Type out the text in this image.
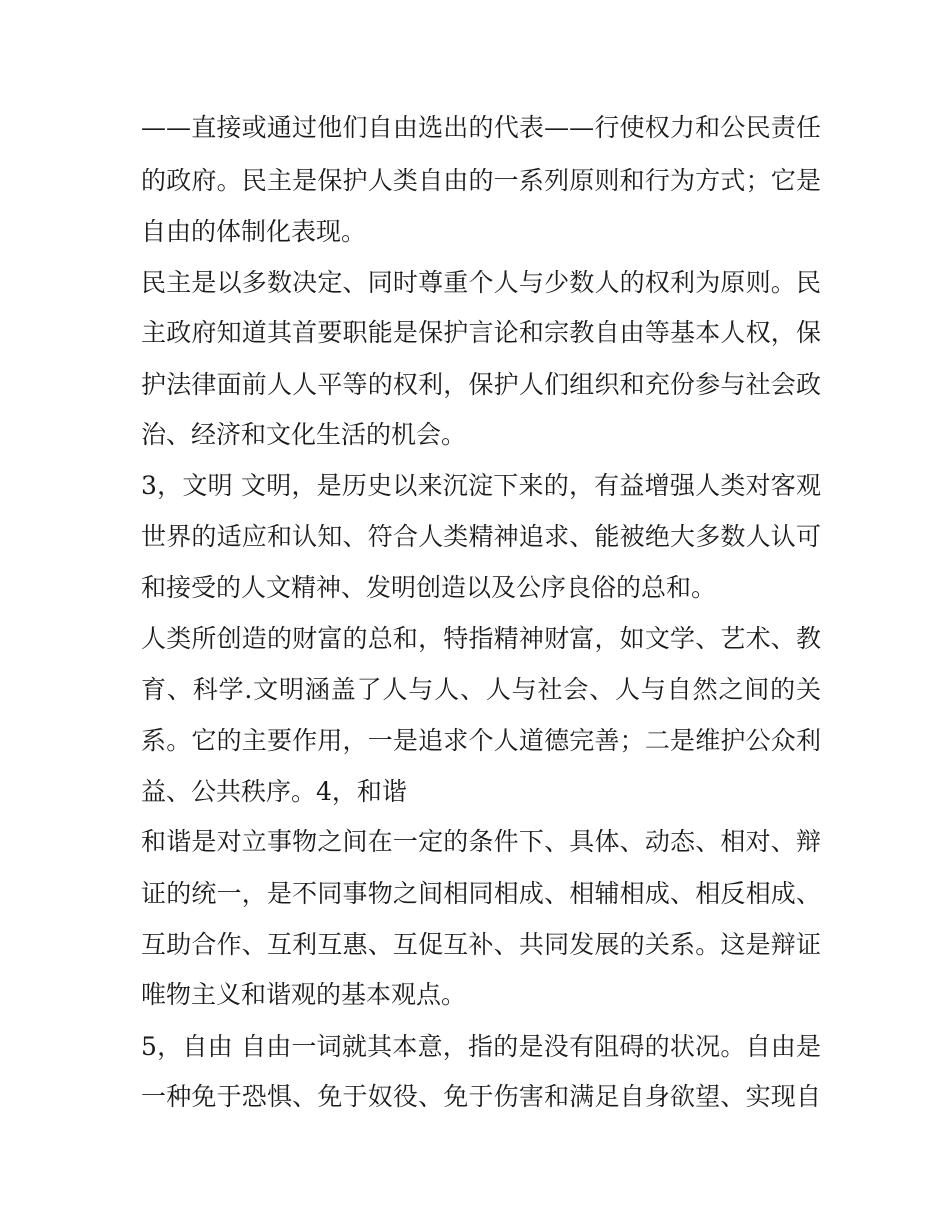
——直接或通过他们自由选出的代表——行使权力和公民责任
的政府。民主是保护人类自由的一系列原则和行为方式；它是
自由的体制化表现。
民主是以多数决定、同时尊重个人与少数人的权利为原则。民
主政府知道其首要职能是保护言论和宗教自由等基本人权，保
护法律面前人人平等的权利，保护人们组织和充份参与社会政
治、经济和文化生活的机会。
3，文明 文明，是历史以来沉淀下来的，有益增强人类对客观
世界的适应和认知、符合人类精神追求、能被绝大多数人认可
和接受的人文精神、发明创造以及公序良俗的总和。
人类所创造的财富的总和，特指精神财富，如文学、艺术、教
育、科学.文明涵盖了人与人、人与社会、人与自然之间的关
系。它的主要作用，一是追求个人道德完善；二是维护公众利
益、公共秩序。4，和谐
和谐是对立事物之间在一定的条件下、具体、动态、相对、辩
证的统一，是不同事物之间相同相成、相辅相成、相反相成、
互助合作、互利互惠、互促互补、共同发展的关系。这是辩证
唯物主义和谐观的基本观点。
5，自由 自由一词就其本意，指的是没有阻碍的状况。自由是
一种免于恐惧、免于奴役、免于伤害和满足自身欲望、实现自
